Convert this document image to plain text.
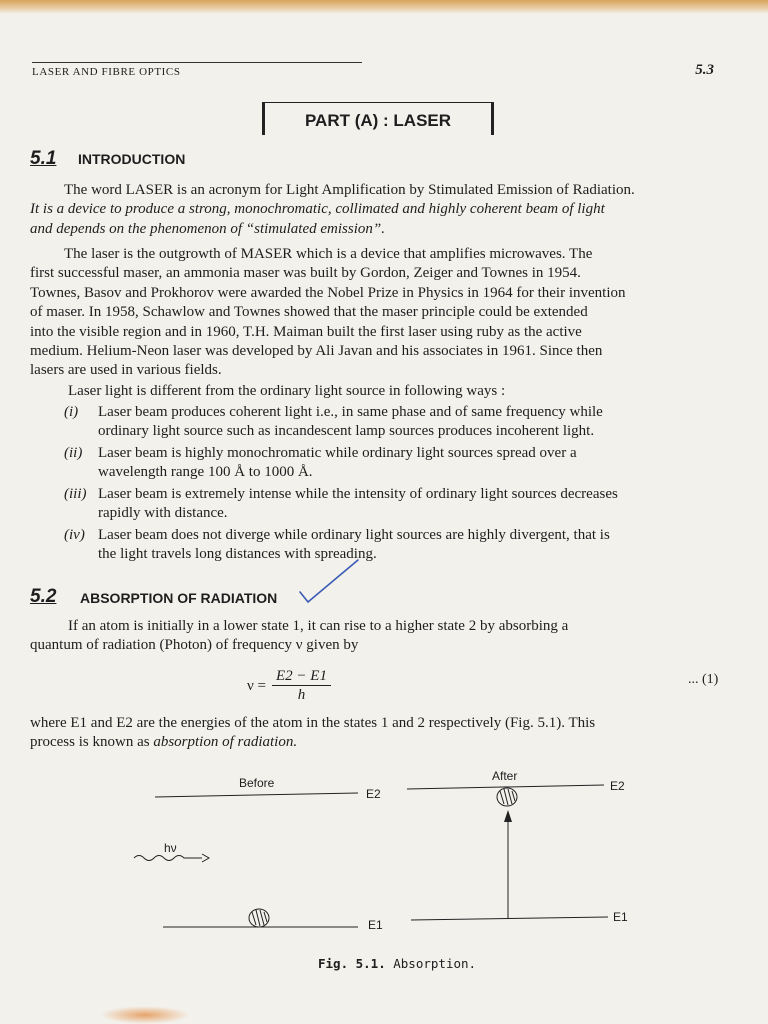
LASER AND FIBRE OPTICS	5.3
PART (A) : LASER
5.1 INTRODUCTION
The word LASER is an acronym for Light Amplification by Stimulated Emission of Radiation.
It is a device to produce a strong, monochromatic, collimated and highly coherent beam of light
and depends on the phenomenon of “stimulated emission”.
The laser is the outgrowth of MASER which is a device that amplifies microwaves. The
first successful maser, an ammonia maser was built by Gordon, Zeiger and Townes in 1954.
Townes, Basov and Prokhorov were awarded the Nobel Prize in Physics in 1964 for their invention
of maser. In 1958, Schawlow and Townes showed that the maser principle could be extended
into the visible region and in 1960, T.H. Maiman built the first laser using ruby as the active
medium. Helium-Neon laser was developed by Ali Javan and his associates in 1961. Since then
lasers are used in various fields.
Laser light is different from the ordinary light source in following ways :
(i)	Laser beam produces coherent light i.e., in same phase and of same frequency while
ordinary light source such as incandescent lamp sources produces incoherent light.
(ii)	Laser beam is highly monochromatic while ordinary light sources spread over a
wavelength range 100 Å to 1000 Å.
(iii) Laser beam is extremely intense while the intensity of ordinary light sources decreases
rapidly with distance.
(iv) Laser beam does not diverge while ordinary light sources are highly divergent, that is
the light travels long distances with spreading.
5.2 ABSORPTION OF RADIATION
If an atom is initially in a lower state 1, it can rise to a higher state 2 by absorbing a
quantum of radiation (Photon) of frequency ν given by
ν =	E2 − E1
h
... (1)
where E1 and E2 are the energies of the atom in the states 1 and 2 respectively (Fig. 5.1). This
process is known as absorption of radiation.
Before	After
hν
E2
E1
E2
E1
Fig. 5.1. Absorption.
